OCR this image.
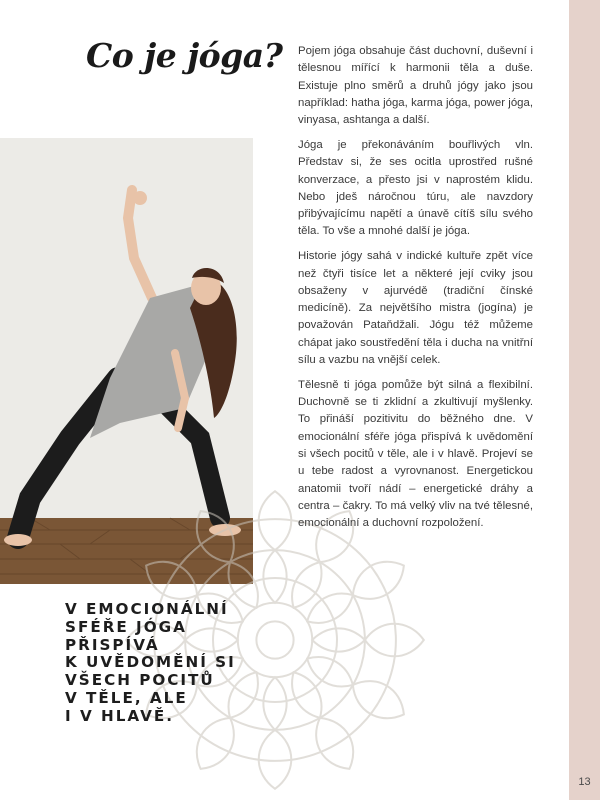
13
Co je jóga? Pojem jóga obsahuje část duchovní, duševní i tělesnou mířící k harmonii těla a duše. Existuje plno směrů a druhů jógy jako jsou například: hatha jóga, karma jóga, power jóga, vinyasa, ashtanga a další.

Jóga je překonáváním bouřlivých vln. Představ si, že ses ocitla uprostřed rušné konverzace, a přesto jsi v naprostém klidu. Nebo jdeš náročnou túru, ale navzdory přibývajícímu napětí a únavě cítíš sílu svého těla. To vše a mnohé další je jóga.

Historie jógy sahá v indické kultuře zpět více než čtyři tisíce let a některé její cviky jsou obsaženy v ajurvédě (tradiční čínské medicíně). Za největšího mistra (jogína) je považován Pataňdžali. Jógu též můžeme chápat jako soustředění těla i ducha na vnitřní sílu a vazbu na vnější celek.

Tělesně ti jóga pomůže být silná a flexibilní. Duchovně se ti zklidní a zkultivují myšlenky. To přináší pozitivitu do běžného dne. V emocionální sféře jóga přispívá k uvědomění si všech pocitů v těle, ale i v hlavě. Projeví se u tebe radost a vyrovnanost. Energetickou anatomii tvoří nádí – energetické dráhy a centra – čakry. To má velký vliv na tvé tělesné, emocionální a duchovní rozpoložení.

V EMOCIONÁLNÍ
SFÉŘE JÓGA
PŘISPÍVÁ
K UVĚDOMĚNÍ SI
VŠECH POCITŮ
V TĚLE, ALE
I V HLAVĚ.
